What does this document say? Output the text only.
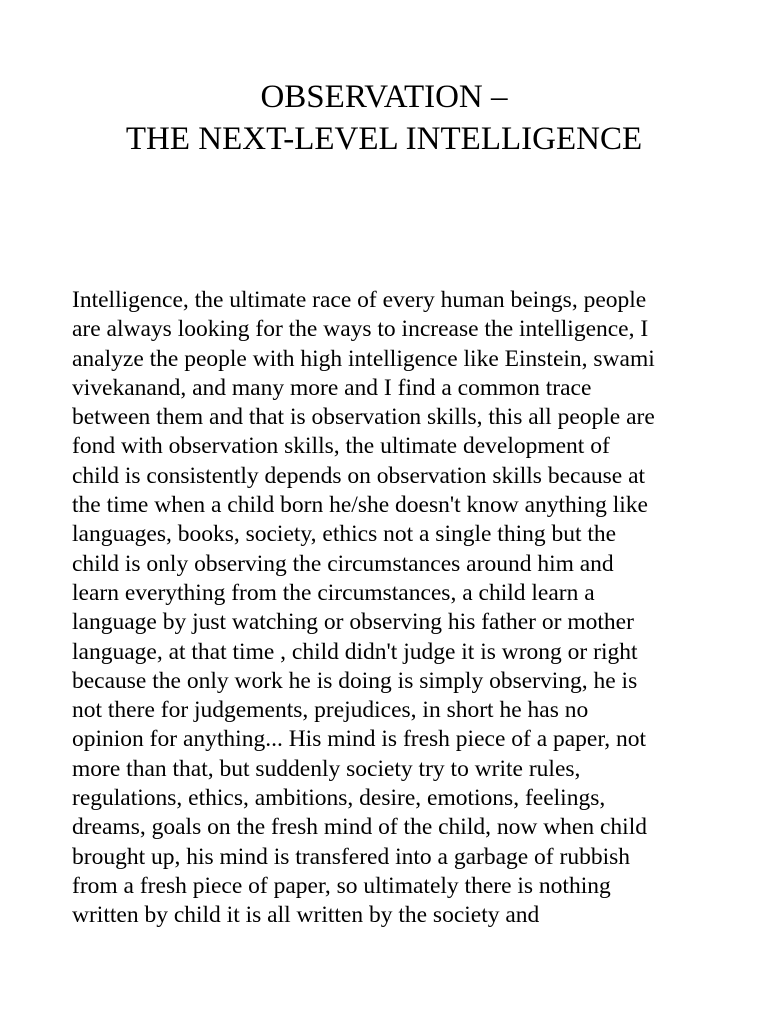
OBSERVATION –
THE NEXT-LEVEL INTELLIGENCE
Intelligence, the ultimate race of every human beings, people
are always looking for the ways to increase the intelligence, I
analyze the people with high intelligence like Einstein, swami
vivekanand, and many more and I find a common trace
between them and that is observation skills, this all people are
fond with observation skills, the ultimate development of
child is consistently depends on observation skills because at
the time when a child born he/she doesn't know anything like
languages, books, society, ethics not a single thing but the
child is only observing the circumstances around him and
learn everything from the circumstances, a child learn a
language by just watching or observing his father or mother
language, at that time , child didn't judge it is wrong or right
because the only work he is doing is simply observing, he is
not there for judgements, prejudices, in short he has no
opinion for anything... His mind is fresh piece of a paper, not
more than that, but suddenly society try to write rules,
regulations, ethics, ambitions, desire, emotions, feelings,
dreams, goals on the fresh mind of the child, now when child
brought up, his mind is transfered into a garbage of rubbish
from a fresh piece of paper, so ultimately there is nothing
written by child it is all written by the society and
